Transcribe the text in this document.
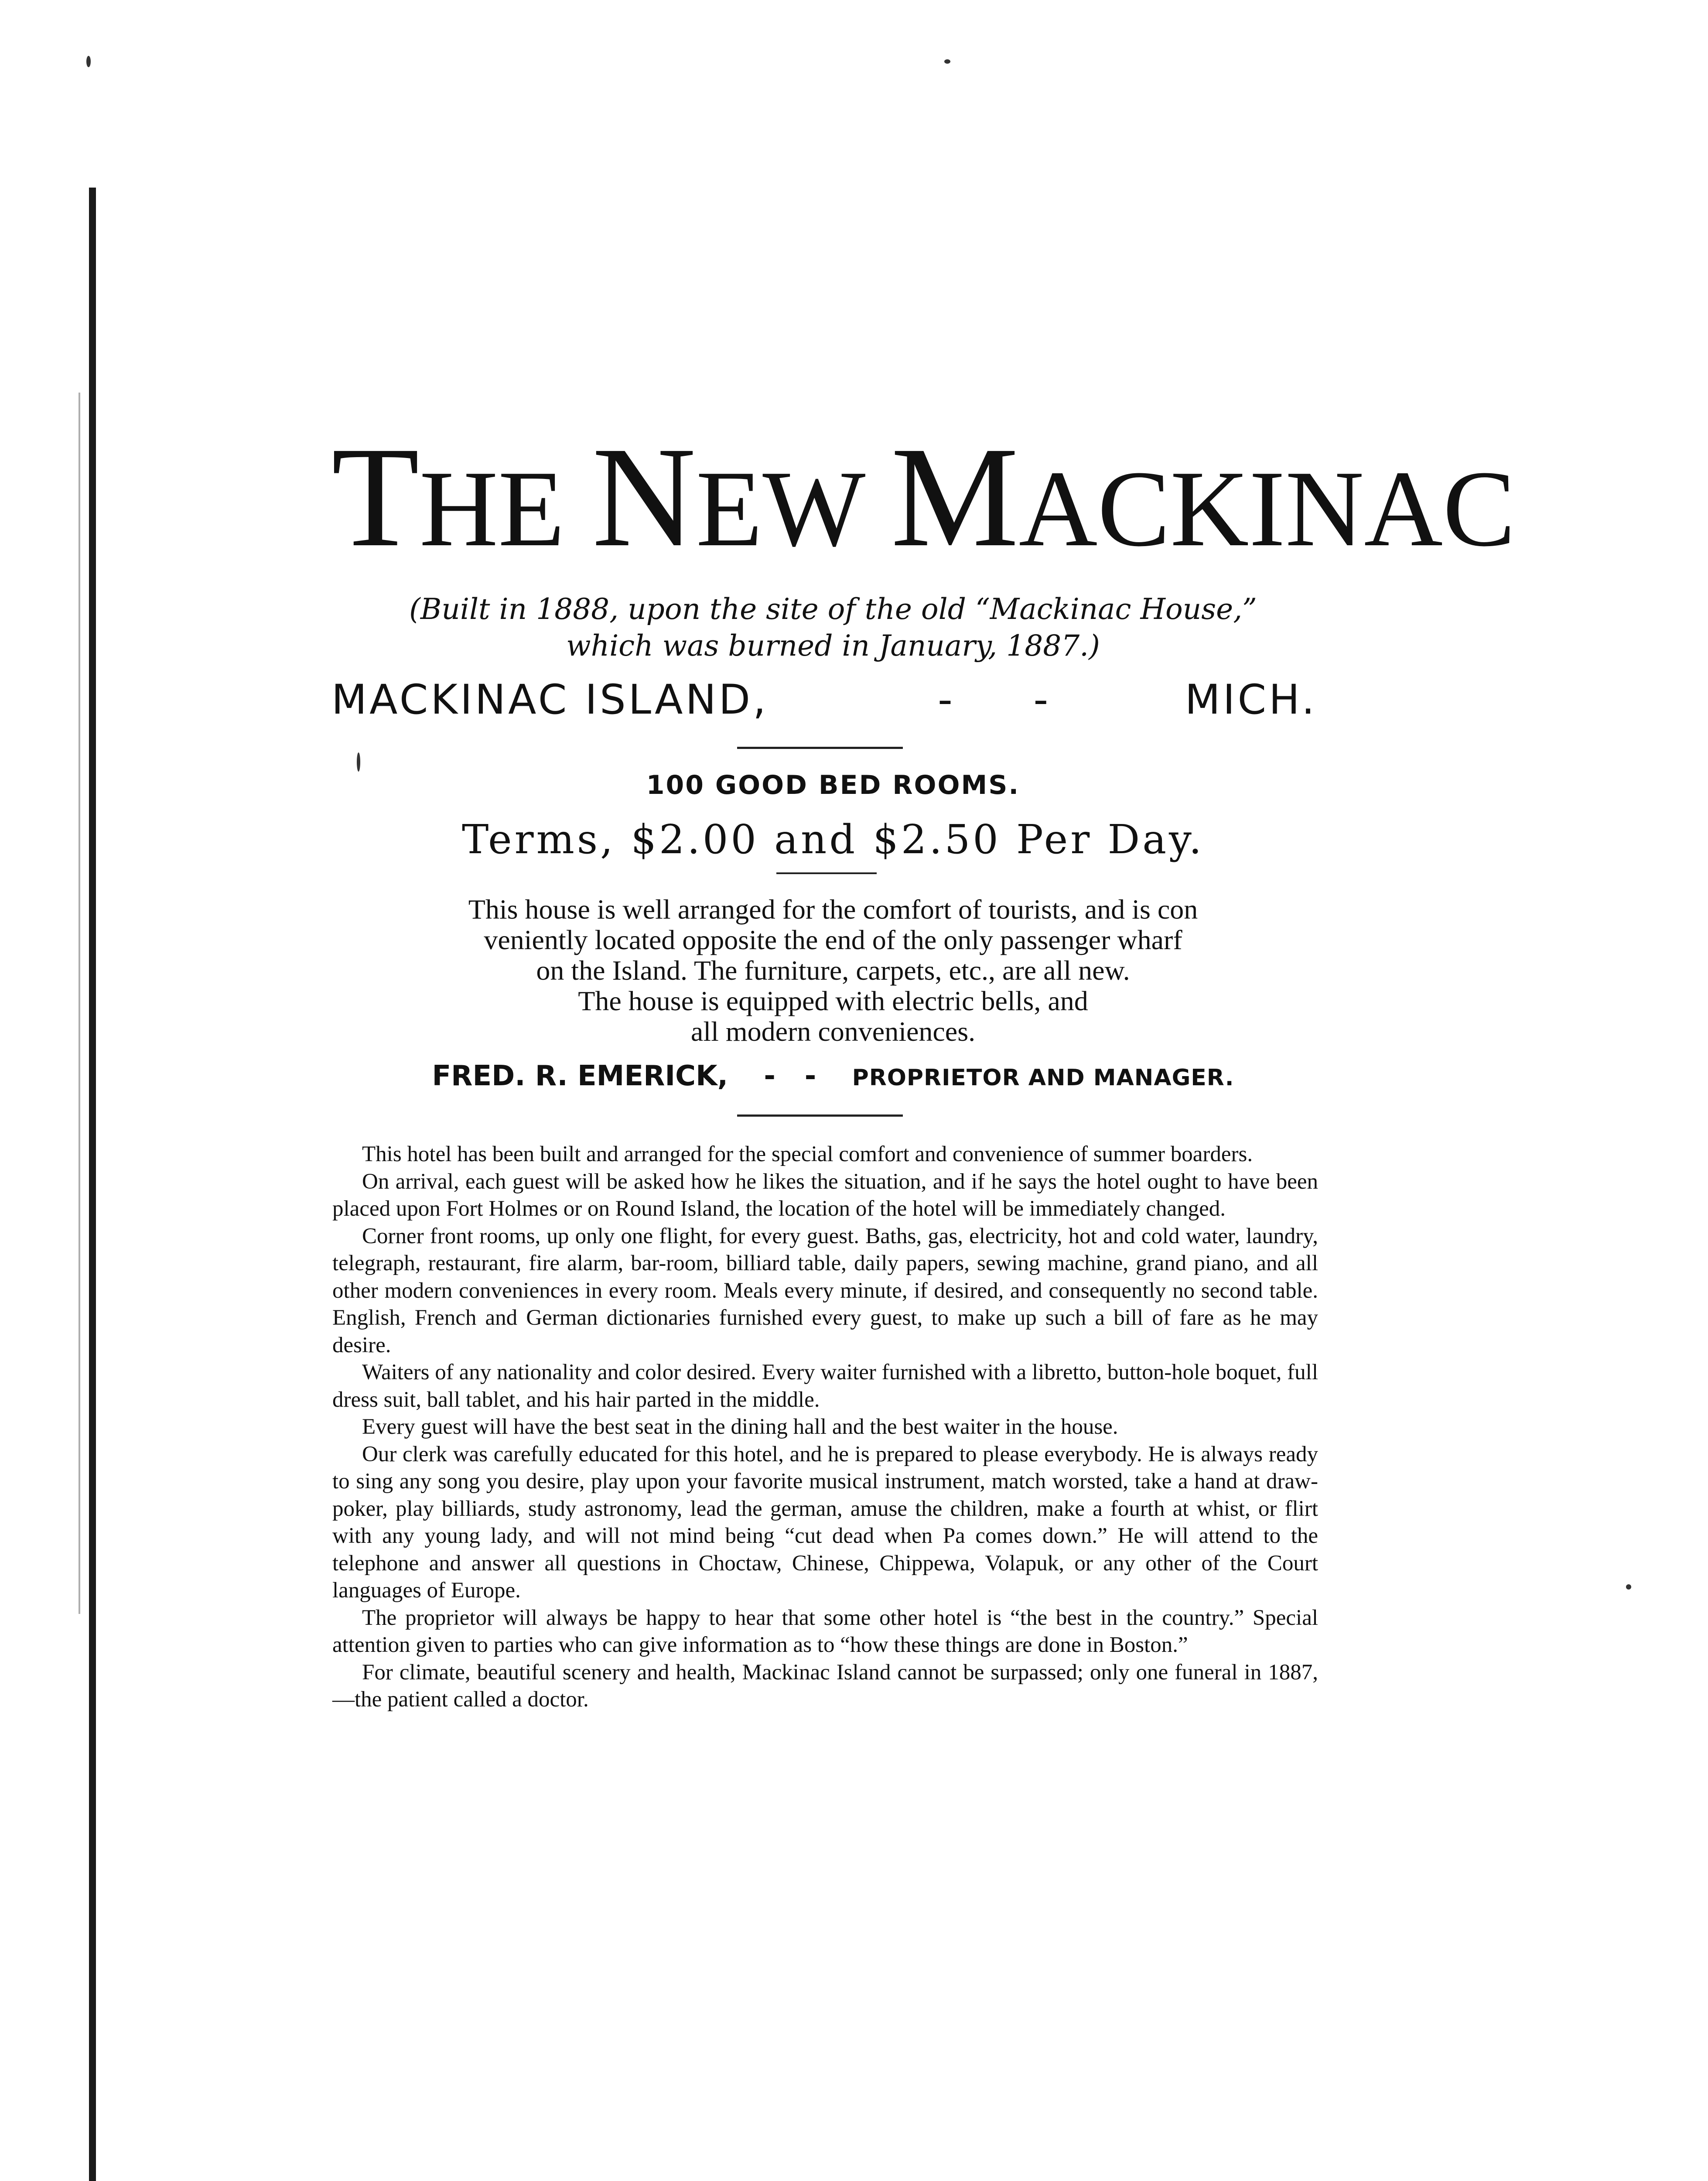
THE NEW MACKINAC
(Built in 1888, upon the site of the old “Mackinac House,”
which was burned in January, 1887.)
MACKINAC ISLAND,	-     -	MICH.
100 GOOD BED ROOMS.
Terms, $2.00 and $2.50 Per Day.
This house is well arranged for the comfort of tourists, and is con
veniently located opposite the end of the only passenger wharf
on the Island. The furniture, carpets, etc., are all new.
The house is equipped with electric bells, and
all modern conveniences.
FRED. R. EMERICK, -   - PROPRIETOR AND MANAGER.

This hotel has been built and arranged for the special comfort and convenience of summer boarders.

On arrival, each guest will be asked how he likes the situation, and if he says the hotel ought to have been placed upon Fort Holmes or on Round Island, the location of the hotel will be immediately changed.

Corner front rooms, up only one flight, for every guest. Baths, gas, electricity, hot and cold water, laundry, telegraph, restaurant, fire alarm, bar-room, billiard table, daily papers, sewing machine, grand piano, and all other modern conveniences in every room. Meals every minute, if desired, and consequently no second table. English, French and German dictionaries furnished every guest, to make up such a bill of fare as he may desire.

Waiters of any nationality and color desired. Every waiter furnished with a libretto, button-hole boquet, full dress suit, ball tablet, and his hair parted in the middle.

Every guest will have the best seat in the dining hall and the best waiter in the house.

Our clerk was carefully educated for this hotel, and he is prepared to please everybody. He is always ready to sing any song you desire, play upon your favorite musical instrument, match worsted, take a hand at draw-poker, play billiards, study astronomy, lead the german, amuse the children, make a fourth at whist, or flirt with any young lady, and will not mind being “cut dead when Pa comes down.” He will attend to the telephone and answer all questions in Choctaw, Chinese, Chippewa, Volapuk, or any other of the Court languages of Europe.

The proprietor will always be happy to hear that some other hotel is “the best in the country.” Special attention given to parties who can give information as to “how these things are done in Boston.”

For climate, beautiful scenery and health, Mackinac Island cannot be surpassed; only one funeral in 1887,—the patient called a doctor.
